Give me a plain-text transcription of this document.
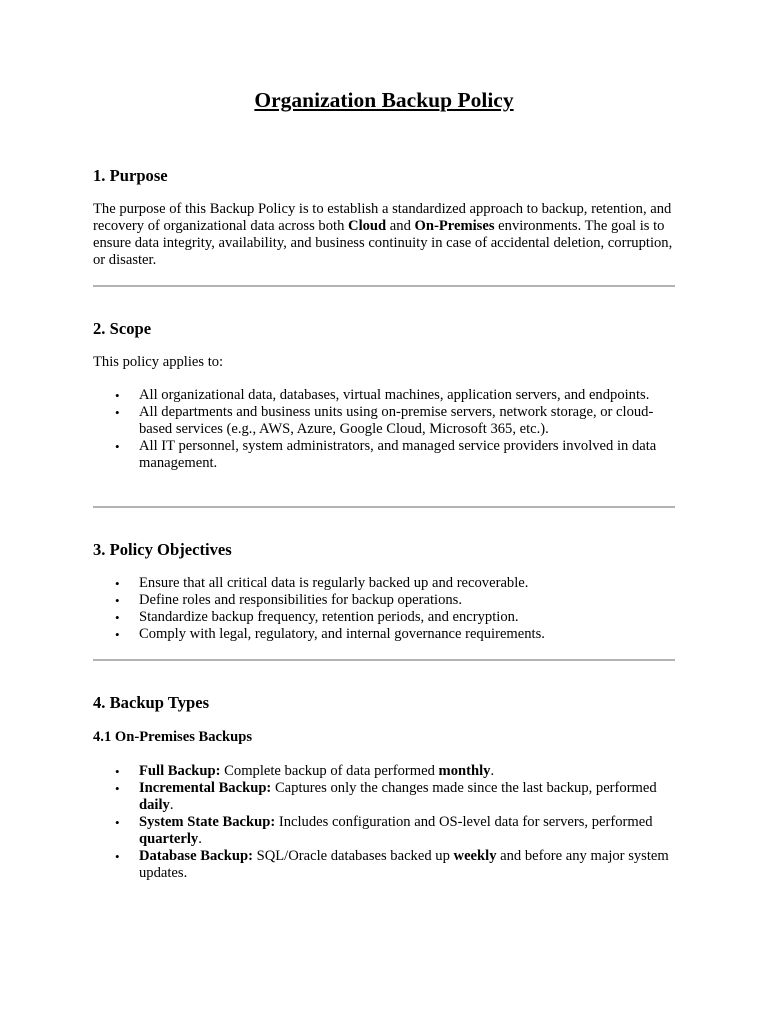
Organization Backup Policy
1. Purpose

The purpose of this Backup Policy is to establish a standardized approach to backup, retention, and recovery of organizational data across both Cloud and On-Premises environments. The goal is to ensure data integrity, availability, and business continuity in case of accidental deletion, corruption, or disaster.

2. Scope

This policy applies to:

• All organizational data, databases, virtual machines, application servers, and endpoints.
• All departments and business units using on-premise servers, network storage, or cloud-based services (e.g., AWS, Azure, Google Cloud, Microsoft 365, etc.).
• All IT personnel, system administrators, and managed service providers involved in data management.
3. Policy Objectives
• Ensure that all critical data is regularly backed up and recoverable.
• Define roles and responsibilities for backup operations.
• Standardize backup frequency, retention periods, and encryption.
• Comply with legal, regulatory, and internal governance requirements.
4. Backup Types
4.1 On-Premises Backups
• Full Backup: Complete backup of data performed monthly.
• Incremental Backup: Captures only the changes made since the last backup, performed daily.
• System State Backup: Includes configuration and OS-level data for servers, performed quarterly.
• Database Backup: SQL/Oracle databases backed up weekly and before any major system updates.
